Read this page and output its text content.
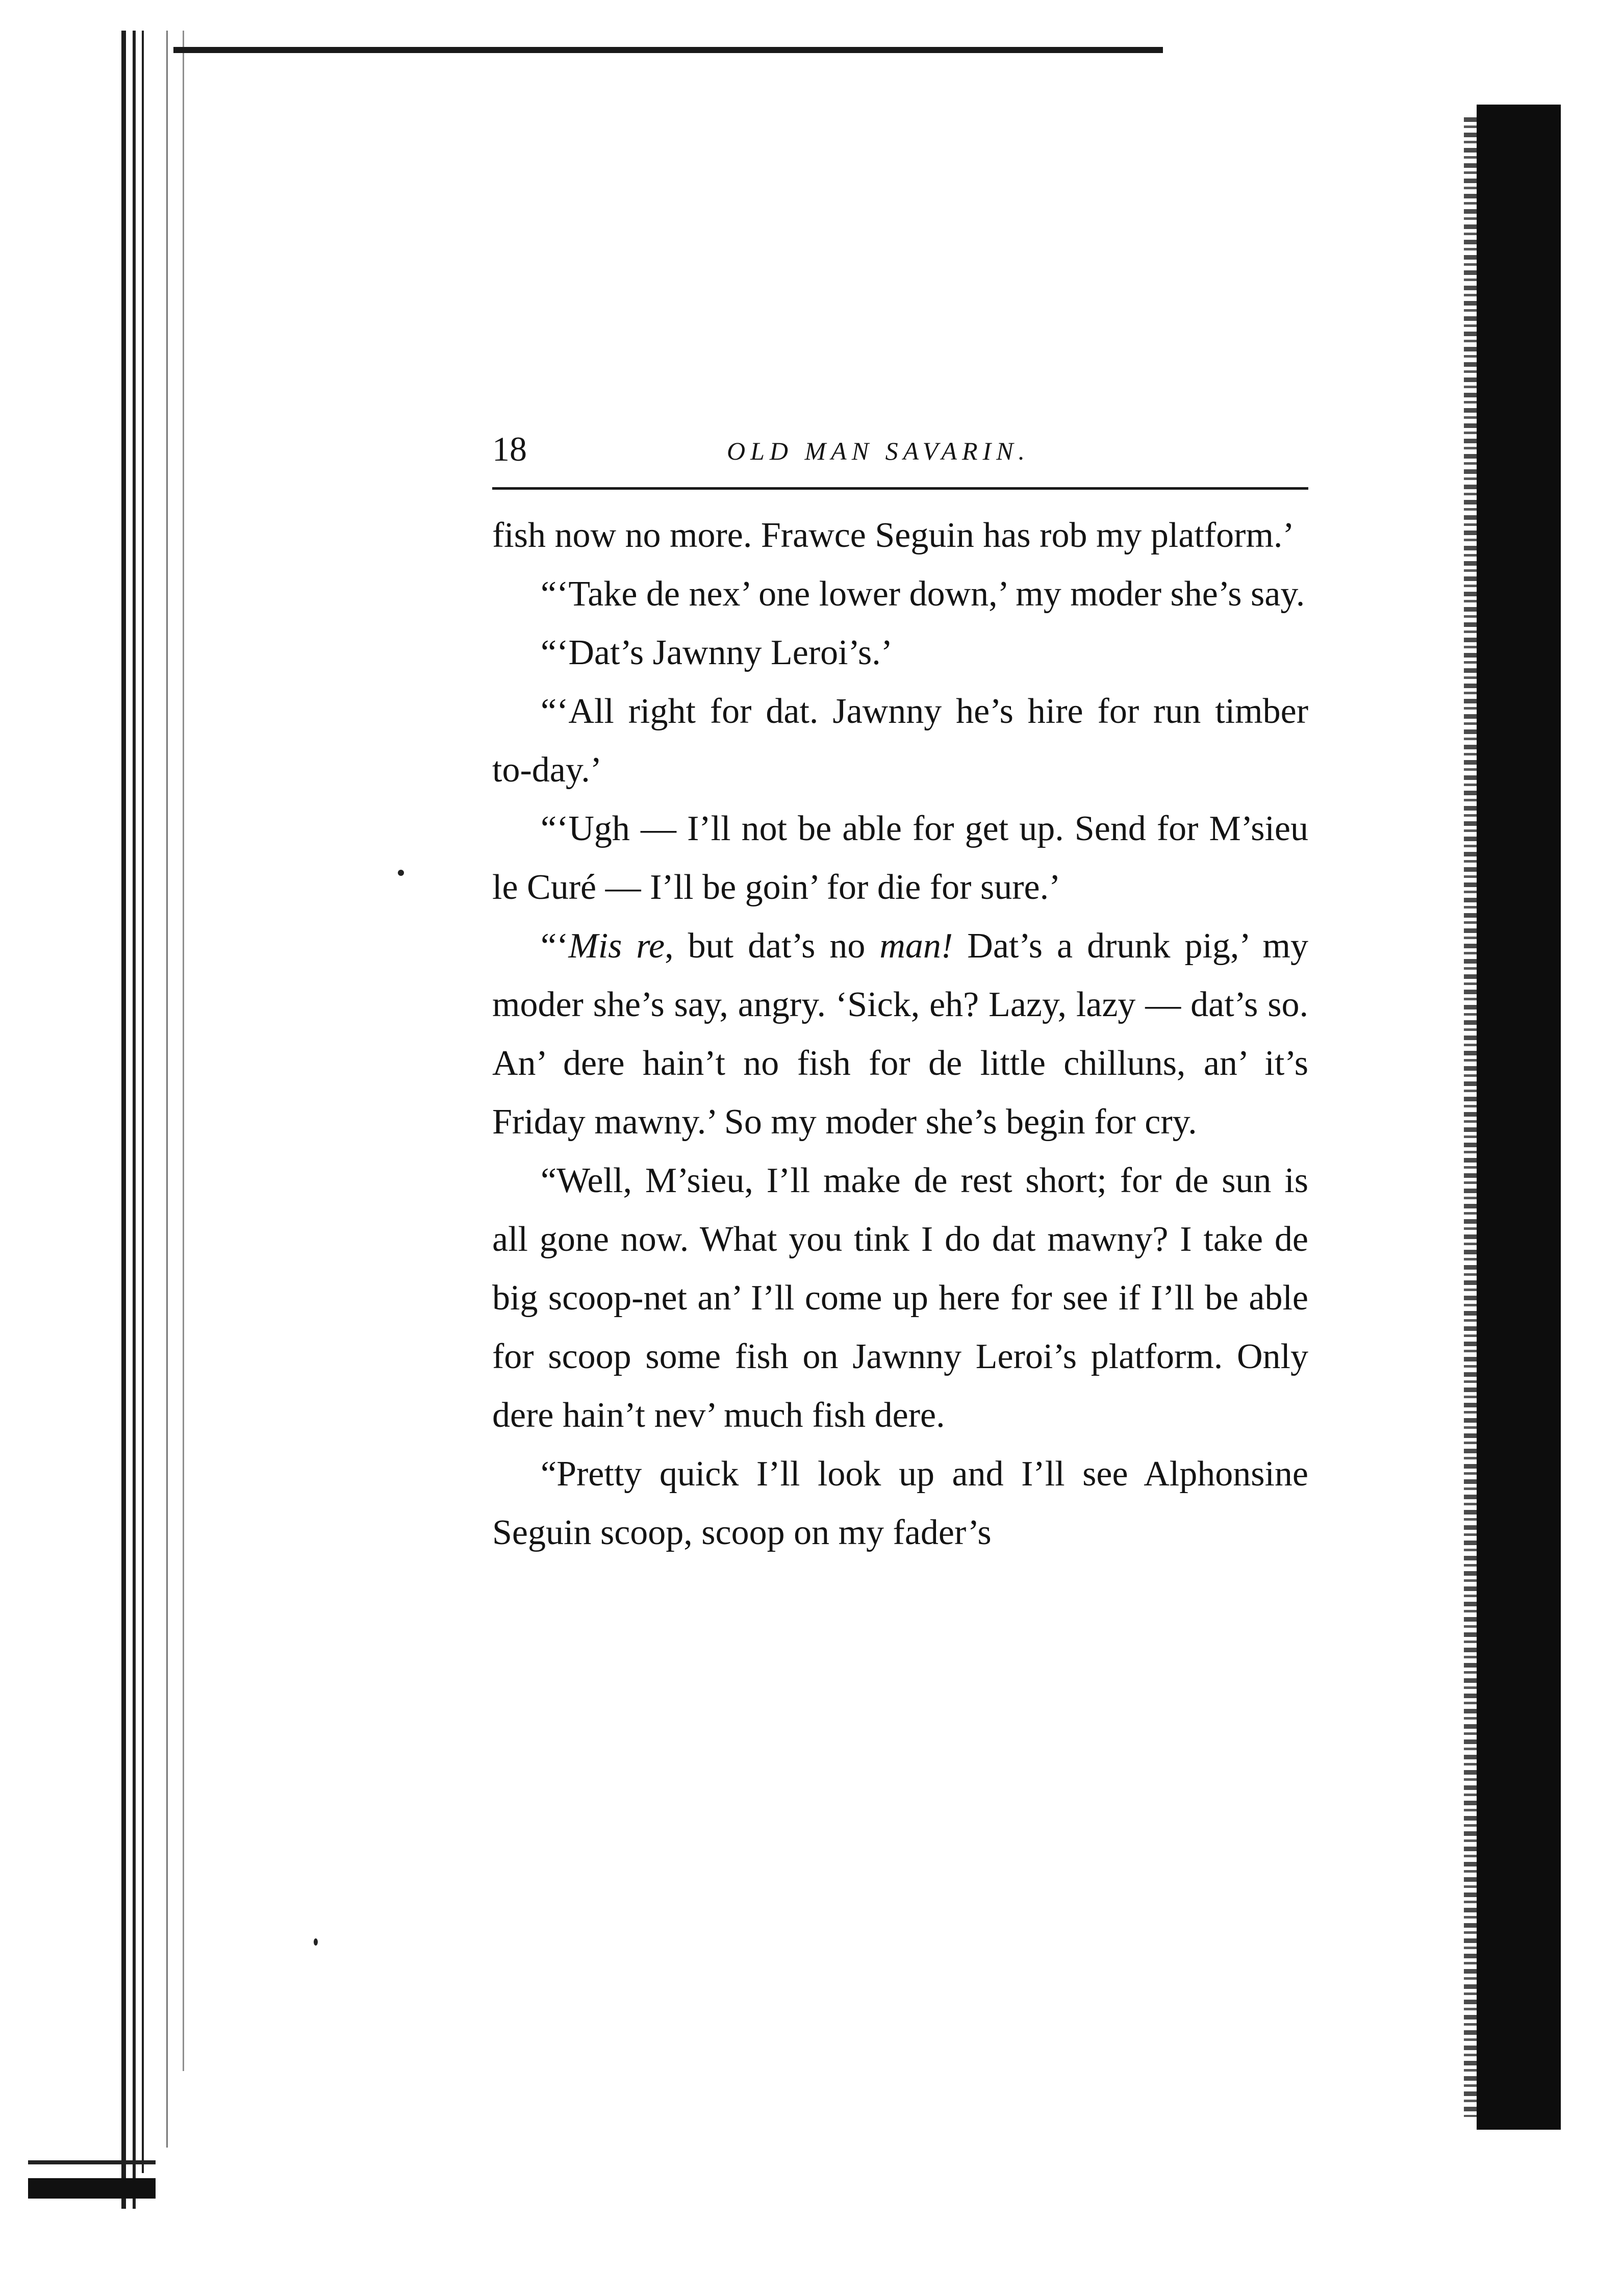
18	OLD MAN SAVARIN.

fish now no more. Frawce Seguin has rob my platform.’

“‘Take de nex’ one lower down,’ my moder she’s say.

“‘Dat’s Jawnny Leroi’s.’

“‘All right for dat. Jawnny he’s hire for run timber to-day.’

“‘Ugh — I’ll not be able for get up. Send for M’sieu le Curé — I’ll be goin’ for die for sure.’

“‘Mis re, but dat’s no man! Dat’s a drunk pig,’ my moder she’s say, angry. ‘Sick, eh? Lazy, lazy — dat’s so. An’ dere hain’t no fish for de little chilluns, an’ it’s Friday mawny.’ So my moder she’s begin for cry.

“Well, M’sieu, I’ll make de rest short; for de sun is all gone now. What you tink I do dat mawny? I take de big scoop-net an’ I’ll come up here for see if I’ll be able for scoop some fish on Jawnny Leroi’s platform. Only dere hain’t nev’ much fish dere.

“Pretty quick I’ll look up and I’ll see Alphonsine Seguin scoop, scoop on my fader’s
